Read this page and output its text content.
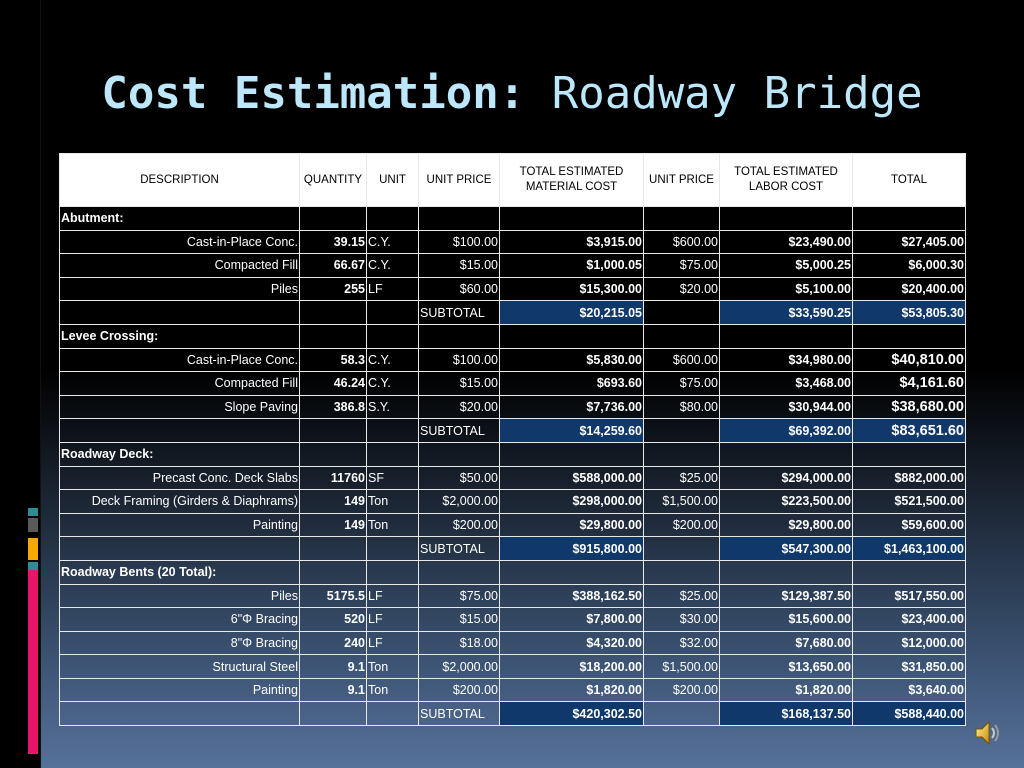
Cost Estimation: Roadway Bridge
DESCRIPTION	QUANTITY	UNIT	UNIT PRICE	TOTAL ESTIMATED MATERIAL COST	UNIT PRICE	TOTAL ESTIMATED LABOR COST	TOTAL
Abutment:							
Cast-in-Place Conc.	39.15	C.Y.	$100.00	$3,915.00	$600.00	$23,490.00	$27,405.00
Compacted Fill	66.67	C.Y.	$15.00	$1,000.05	$75.00	$5,000.25	$6,000.30
Piles	255	LF	$60.00	$15,300.00	$20.00	$5,100.00	$20,400.00
			SUBTOTAL	$20,215.05		$33,590.25	$53,805.30
Levee Crossing:							
Cast-in-Place Conc.	58.3	C.Y.	$100.00	$5,830.00	$600.00	$34,980.00	$40,810.00
Compacted Fill	46.24	C.Y.	$15.00	$693.60	$75.00	$3,468.00	$4,161.60
Slope Paving	386.8	S.Y.	$20.00	$7,736.00	$80.00	$30,944.00	$38,680.00
			SUBTOTAL	$14,259.60		$69,392.00	$83,651.60
Roadway Deck:							
Precast Conc. Deck Slabs	11760	SF	$50.00	$588,000.00	$25.00	$294,000.00	$882,000.00
Deck Framing (Girders & Diaphrams)	149	Ton	$2,000.00	$298,000.00	$1,500.00	$223,500.00	$521,500.00
Painting	149	Ton	$200.00	$29,800.00	$200.00	$29,800.00	$59,600.00
			SUBTOTAL	$915,800.00		$547,300.00	$1,463,100.00
Roadway Bents (20 Total):							
Piles	5175.5	LF	$75.00	$388,162.50	$25.00	$129,387.50	$517,550.00
6"Φ Bracing	520	LF	$15.00	$7,800.00	$30.00	$15,600.00	$23,400.00
8"Φ Bracing	240	LF	$18.00	$4,320.00	$32.00	$7,680.00	$12,000.00
Structural Steel	9.1	Ton	$2,000.00	$18,200.00	$1,500.00	$13,650.00	$31,850.00
Painting	9.1	Ton	$200.00	$1,820.00	$200.00	$1,820.00	$3,640.00
			SUBTOTAL	$420,302.50		$168,137.50	$588,440.00
